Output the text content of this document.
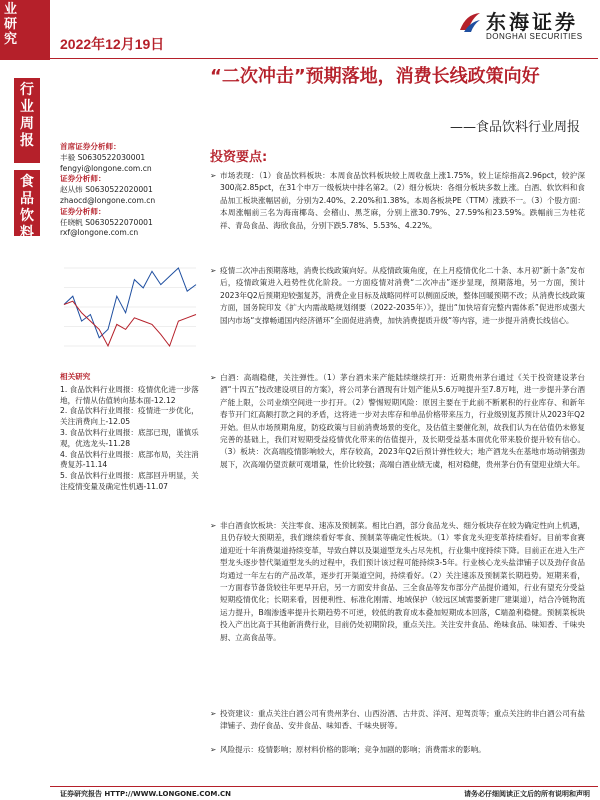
业研究	2022年12月19日
东海证券
DONGHAI SECURITIES
行业周报
食品饮料
“二次冲击”预期落地，消费长线政策向好
——食品饮料行业周报
首席证券分析师：
丰毅 S0630522030001
fengyi@longone.com.cn
证券分析师：
赵从炜 S0630522020001
zhaocd@longone.com.cn
证券分析师：
任晓帆 S0630522070001
rxf@longone.com.cn
相关研究
1. 食品饮料行业周报：疫情优化进一步落地，行情从估值转向基本面-12.12
2. 食品饮料行业周报：疫情进一步优化，关注消费向上-12.05
3. 食品饮料行业周报：底部已现，谨慎乐观，优选龙头-11.28
4. 食品饮料行业周报：底部布局，关注消费复苏-11.14
5. 食品饮料行业周报：底部回升明显，关注疫情变量及确定性机遇-11.07
投资要点:
➢ 市场表现：（1）食品饮料板块：本周食品饮料板块较上周收盘上涨1.75%，较上证综指高2.96pct，较沪深300高2.85pct，在31个申万一级板块中排名第2。（2）细分板块：各细分板块多数上涨。白酒、软饮料和食品加工板块涨幅居前，分别为2.40%、2.20%和1.38%。本周各板块PE（TTM）涨跌不一。（3）个股方面：本周涨幅前三名为海南椰岛、会稽山、黑芝麻，分别上涨30.79%、27.59%和23.59%。跌幅前三为桂花祥、青岛食品、海欣食品，分别下跌5.78%、5.53%、4.22%。
➢ 疫情二次冲击预期落地，消费长线政策向好。从疫情政策角度，在上月疫情优化二十条、本月初“新十条”发布后，疫情政策进入趋势性优化阶段。一方面疫情对消费“二次冲击”逐步显现，预期落地，另一方面，预计2023年Q2后预期迎较强复苏，消费企业目标及战略同样可以侧面反映，整体回暖预期不改；从消费长线政策方面，国务院印发《扩大内需战略规划纲要（2022-2035年）》，提出“加快培育完整内需体系”促进形成强大国内市场“支撑畅通国内经济循环”全面促进消费，加快消费提质升级“等内容，进一步提升消费长线信心。
➢ 白酒：高端稳健，关注弹性。（1）茅台酒未来产能陆续继续打开：近期贵州茅台通过《关于投资建设茅台酒“十四五”技改建设项目的方案》，将公司茅台酒现有计划产能从5.6万吨提升至7.8万吨，进一步提升茅台酒产能上限，公司业绩空间进一步打开。（2）警惕短期风险：原因主要在于此前不断累积的行业库存、和新年春节开门红高额打款之间的矛盾，这将进一步对去库存和单品价格带来压力，行业级别复苏预计从2023年Q2开始。但从市场预期角度，防疫政策与目前消费场景的变化，及估值主要催化剂，故我们认为在估值仍未修复完善的基础上，我们对短期受益疫情优化带来的估值提升，及长期受益基本面优化带来股价提升较有信心。（3）板块：次高端疫情影响较大，库存较高，2023年Q2后预计弹性较大；地产酒龙头在基地市场动销强劲展下，次高端仍望贡献可观增量，性价比较强；高端白酒业绩无虞，相对稳健，贵州茅台仍有望迎业绩大年。
➢ 非白酒食饮板块：关注零食、速冻及预制菜。相比白酒，部分食品龙头、细分板块存在较为确定性向上机遇，且仍存较大预期差，我们继续看好零食、预制菜等确定性板块。（1）零食龙头迎变革持续看好。目前零食赛道迎近十年消费渠道持续变革，导致白牌以及渠道型龙头占尽先机，行业集中度持续下降。目前正在进入生产型龙头逐步替代渠道型龙头的过程中，我们预计该过程可能持续3-5年。行业核心龙头盐津铺子以及劲仔食品均通过一年左右的产品改革，逐步打开渠道空间，持续看好。（2）关注速冻及预制菜长期趋势。短期来看，一方面春节备货较往年更早开启，另一方面安井食品、三全食品等发布部分产品提价通知，行业有望充分受益短期疫情优化；长期来看，因便利性、标准化刚需、地域保护（较远区域需要新建厂建渠道），结合冷链物流运力提升，B端渗透率提升长期趋势不可逆，较低的教育成本叠加短期成本回落，C端盈利稳健。预制菜板块投入产出比高于其他新消费行业，目前仍处初期阶段，重点关注。关注安井食品、绝味食品、味知香、千味央厨、立高食品等。
➢ 投资建议：重点关注白酒公司有贵州茅台、山西汾酒、古井贡、洋河、迎驾贡等；重点关注的非白酒公司有盐津铺子、劲仔食品、安井食品、味知香、千味央厨等。
➢ 风险提示：疫情影响；原材料价格的影响；竞争加剧的影响；消费需求的影响。
证券研究报告 HTTP://WWW.LONGONE.COM.CN	请务必仔细阅读正文后的所有说明和声明
